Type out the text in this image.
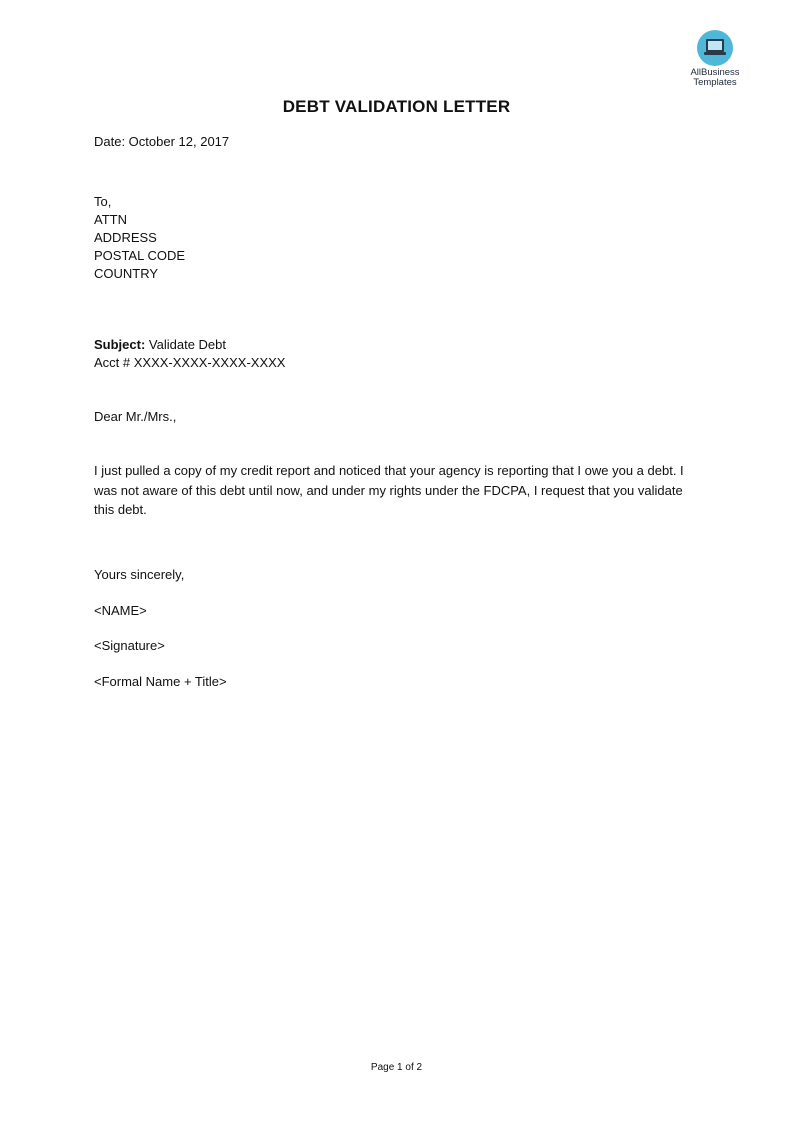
AllBusiness
Templates
DEBT VALIDATION LETTER
Date: October 12, 2017
To,
ATTN
ADDRESS
POSTAL CODE
COUNTRY
Subject: Validate Debt
Acct # XXXX-XXXX-XXXX-XXXX
Dear Mr./Mrs.,
I just pulled a copy of my credit report and noticed that your agency is reporting that I owe you a debt. I was not aware of this debt until now, and under my rights under the FDCPA, I request that you validate this debt.
Yours sincerely,
<NAME>
<Signature>
<Formal Name + Title>
Page 1 of 2
